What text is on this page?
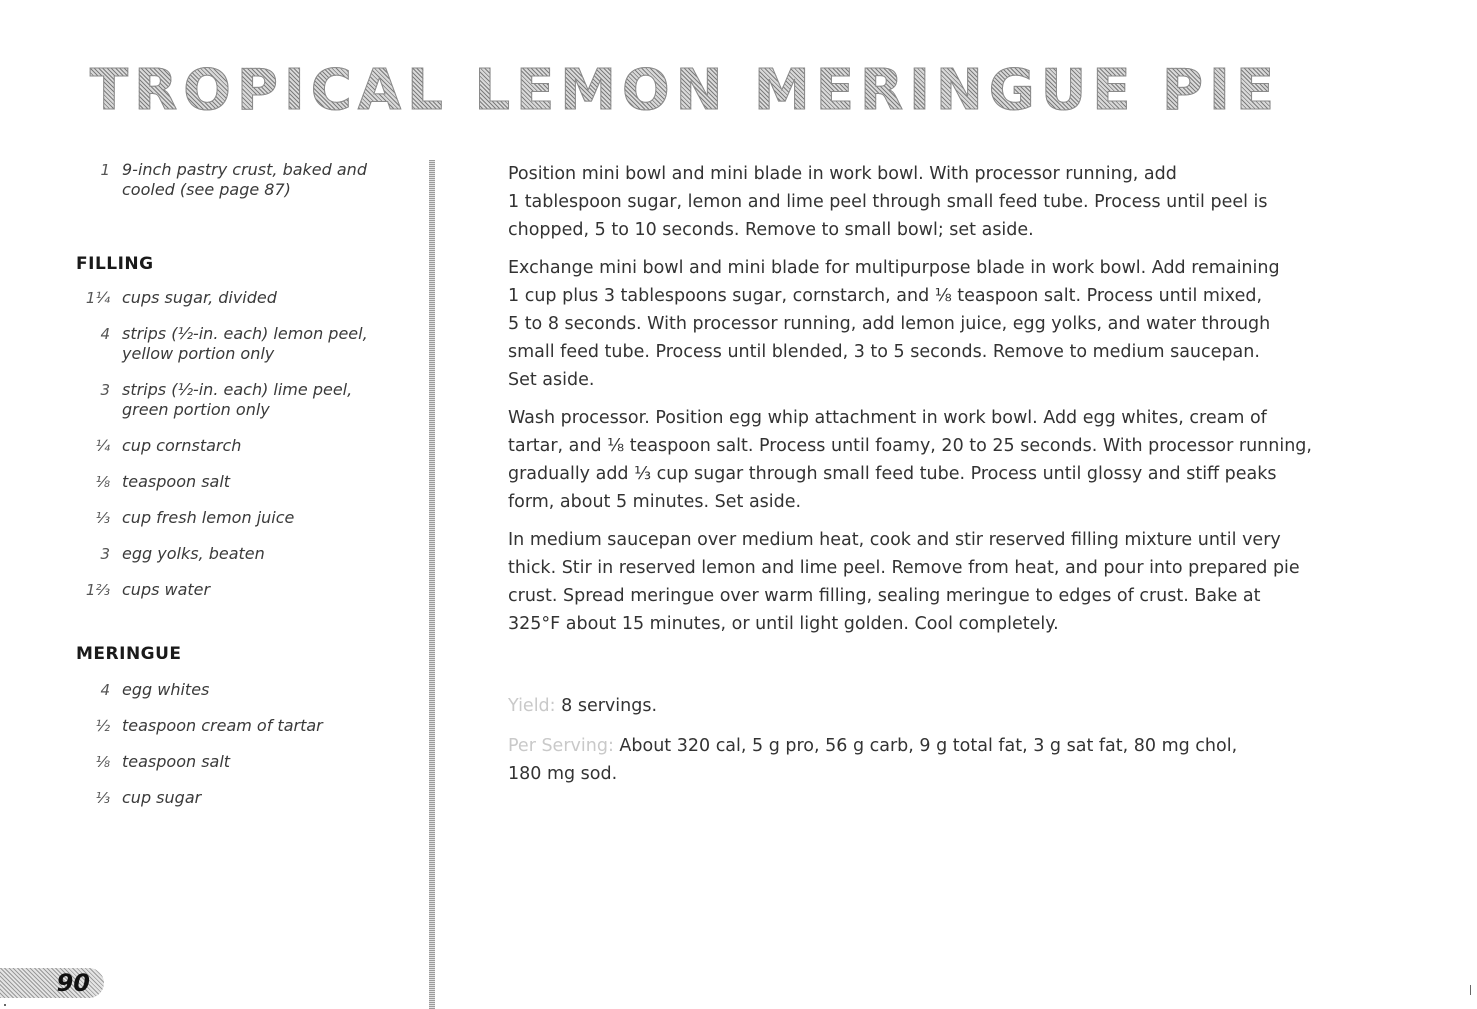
TROPICAL LEMON MERINGUE PIE
1 9-inch pastry crust, baked and cooled (see page 87)
FILLING
1¼ cups sugar, divided
4 strips (½-in. each) lemon peel, yellow portion only
3 strips (½-in. each) lime peel, green portion only
¼ cup cornstarch
⅛ teaspoon salt
⅓ cup fresh lemon juice
3 egg yolks, beaten
1⅔ cups water
MERINGUE
4 egg whites
½ teaspoon cream of tartar
⅛ teaspoon salt
⅓ cup sugar
Position mini bowl and mini blade in work bowl. With processor running, add
1 tablespoon sugar, lemon and lime peel through small feed tube. Process until peel is
chopped, 5 to 10 seconds. Remove to small bowl; set aside.
Exchange mini bowl and mini blade for multipurpose blade in work bowl. Add remaining
1 cup plus 3 tablespoons sugar, cornstarch, and ⅛ teaspoon salt. Process until mixed,
5 to 8 seconds. With processor running, add lemon juice, egg yolks, and water through
small feed tube. Process until blended, 3 to 5 seconds. Remove to medium saucepan.
Set aside.
Wash processor. Position egg whip attachment in work bowl. Add egg whites, cream of
tartar, and ⅛ teaspoon salt. Process until foamy, 20 to 25 seconds. With processor running,
gradually add ⅓ cup sugar through small feed tube. Process until glossy and stiff peaks
form, about 5 minutes. Set aside.
In medium saucepan over medium heat, cook and stir reserved filling mixture until very
thick. Stir in reserved lemon and lime peel. Remove from heat, and pour into prepared pie
crust. Spread meringue over warm filling, sealing meringue to edges of crust. Bake at
325°F about 15 minutes, or until light golden. Cool completely.
Yield: 8 servings.
Per Serving: About 320 cal, 5 g pro, 56 g carb, 9 g total fat, 3 g sat fat, 80 mg chol,
180 mg sod.
90
